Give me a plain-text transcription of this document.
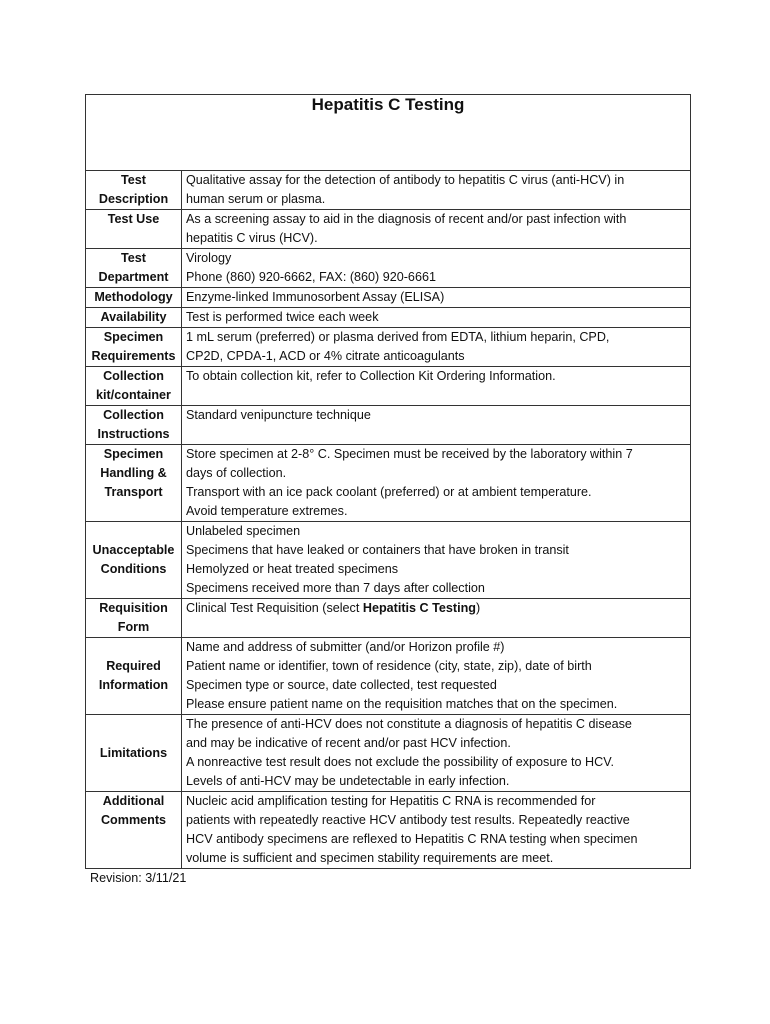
Hepatitis C Testing	

Test
Description	Qualitative assay for the detection of antibody to hepatitis C virus (anti-HCV) in
human serum or plasma.

Test Use	As a screening assay to aid in the diagnosis of recent and/or past infection with
hepatitis C virus (HCV).

Test
Department	Virology
Phone (860) 920-6662, FAX: (860) 920-6661

Methodology	Enzyme-linked Immunosorbent Assay (ELISA)

Availability	Test is performed twice each week

Specimen
Requirements	1 mL serum (preferred) or plasma derived from EDTA, lithium heparin, CPD,
CP2D, CPDA-1, ACD or 4% citrate anticoagulants

Collection
kit/container	To obtain collection kit, refer to Collection Kit Ordering Information.

Collection
Instructions	Standard venipuncture technique

Specimen
Handling &
Transport	Store specimen at 2-8° C. Specimen must be received by the laboratory within 7
days of collection.
Transport with an ice pack coolant (preferred) or at ambient temperature.
Avoid temperature extremes.

Unacceptable
Conditions	Unlabeled specimen
Specimens that have leaked or containers that have broken in transit
Hemolyzed or heat treated specimens
Specimens received more than 7 days after collection

Requisition
Form	Clinical Test Requisition (select Hepatitis C Testing)

Required
Information	Name and address of submitter (and/or Horizon profile #)
Patient name or identifier, town of residence (city, state, zip), date of birth
Specimen type or source, date collected, test requested
Please ensure patient name on the requisition matches that on the specimen.

Limitations	The presence of anti-HCV does not constitute a diagnosis of hepatitis C disease
and may be indicative of recent and/or past HCV infection.
A nonreactive test result does not exclude the possibility of exposure to HCV.
Levels of anti-HCV may be undetectable in early infection.

Additional
Comments	Nucleic acid amplification testing for Hepatitis C RNA is recommended for
patients with repeatedly reactive HCV antibody test results. Repeatedly reactive
HCV antibody specimens are reflexed to Hepatitis C RNA testing when specimen
volume is sufficient and specimen stability requirements are meet.
Revision: 3/11/21
